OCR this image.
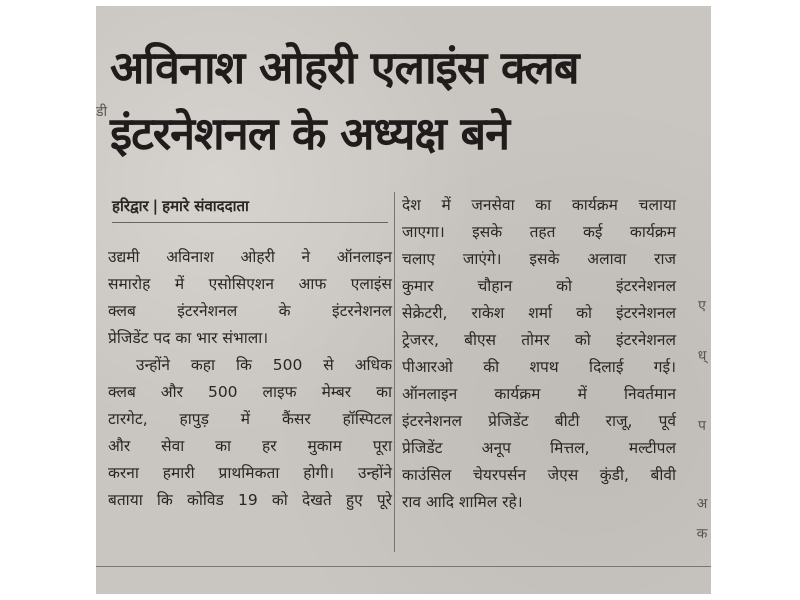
डी
अविनाश ओहरी एलाइंस क्लब
इंटरनेशनल के अध्यक्ष बने
हरिद्वार | हमारे संवाददाता
उद्यमी अविनाश ओहरी ने ऑनलाइन
समारोह में एसोसिएशन आफ एलाइंस
क्लब इंटरनेशनल के इंटरनेशनल
प्रेजिडेंट पद का भार संभाला।
उन्होंने कहा कि 500 से अधिक
क्लब और 500 लाइफ मेम्बर का
टारगेट, हापुड़ में कैंसर हॉस्पिटल
और सेवा का हर मुकाम पूरा
करना हमारी प्राथमिकता होगी। उन्होंने
बताया कि कोविड 19 को देखते हुए पूरे
देश में जनसेवा का कार्यक्रम चलाया
जाएगा। इसके तहत कई कार्यक्रम
चलाए जाएंगे। इसके अलावा राज
कुमार चौहान को इंटरनेशनल
सेक्रेटरी, राकेश शर्मा को इंटरनेशनल
ट्रेजरर, बीएस तोमर को इंटरनेशनल
पीआरओ की शपथ दिलाई गई।
ऑनलाइन कार्यक्रम में निवर्तमान
इंटरनेशनल प्रेजिडेंट बीटी राजू, पूर्व
प्रेजिडेंट अनूप मित्तल, मल्टीपल
काउंसिल चेयरपर्सन जेएस कुंडी, बीवी
राव आदि शामिल रहे।
ए
ध्
प
अ
क
